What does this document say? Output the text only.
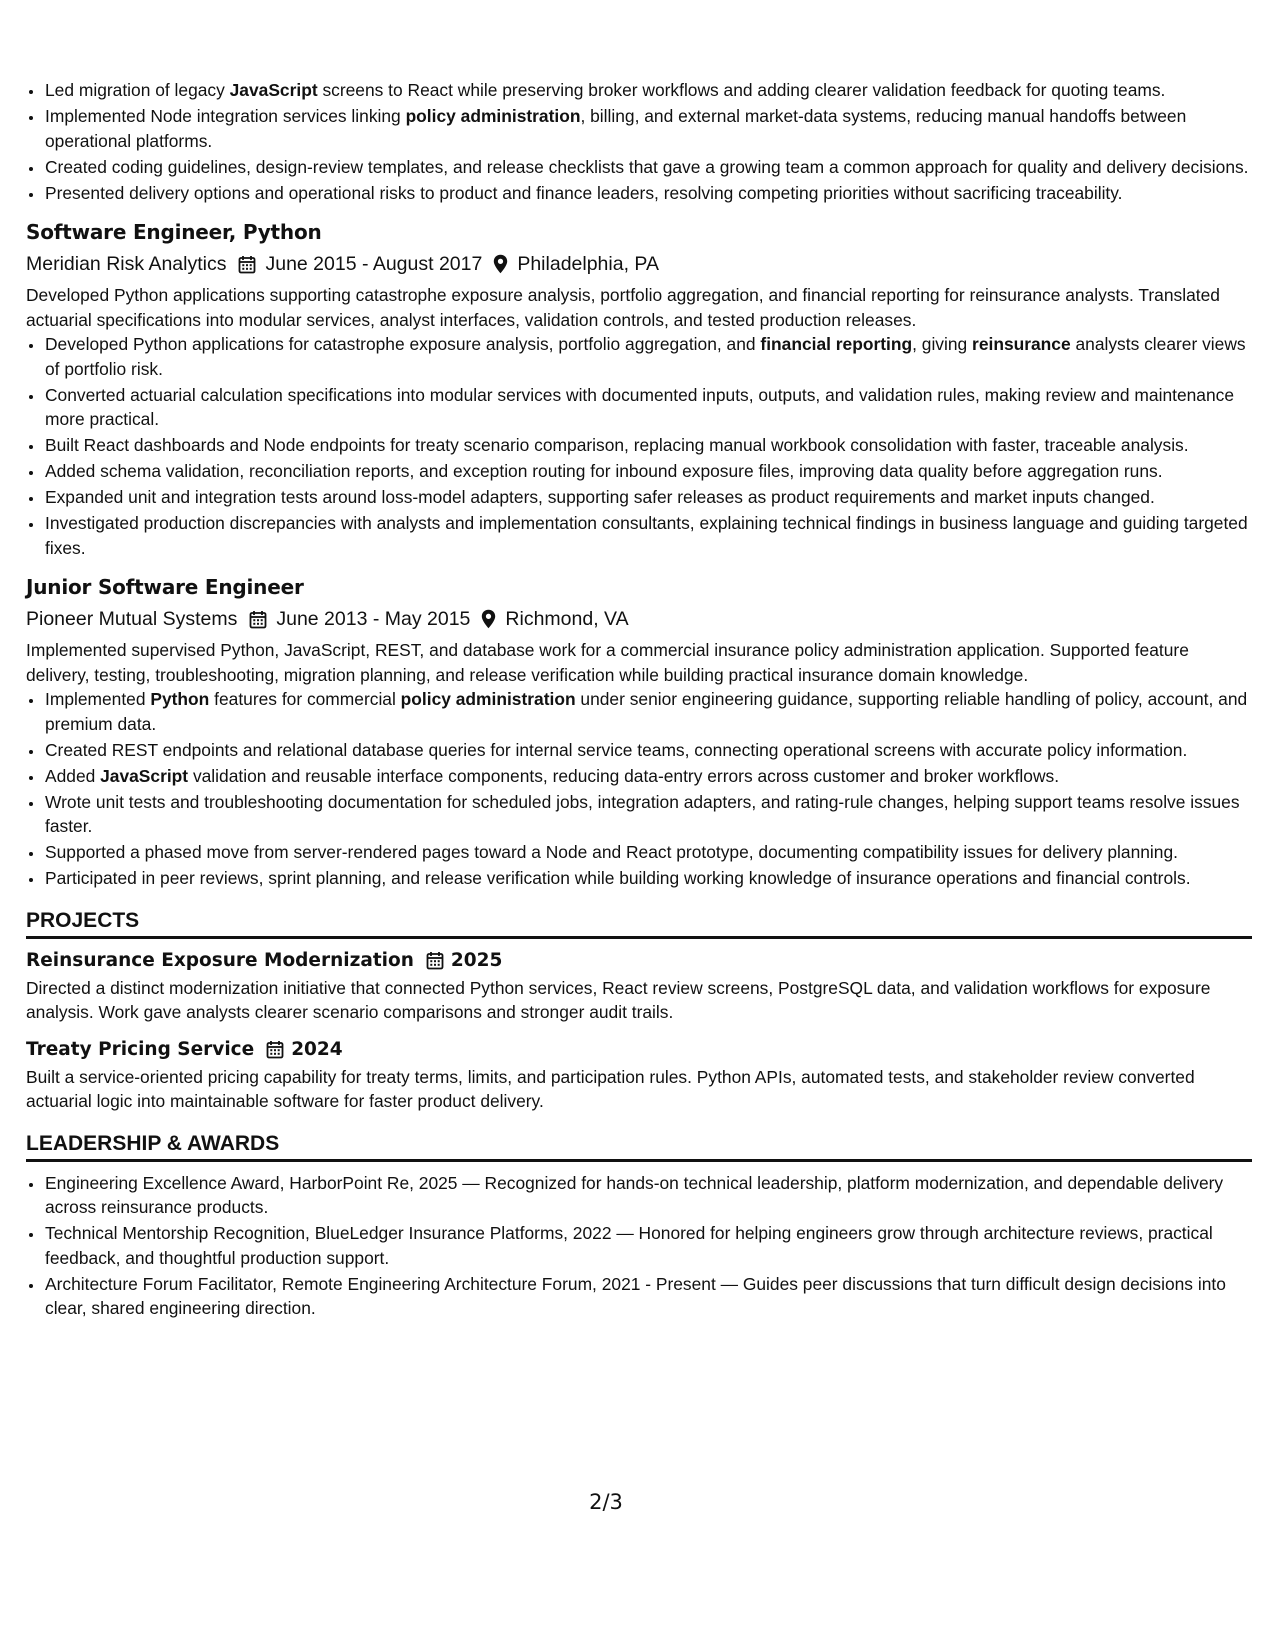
• Led migration of legacy JavaScript screens to React while preserving broker workflows and adding clearer validation feedback for quoting teams.
• Implemented Node integration services linking policy administration, billing, and external market-data systems, reducing manual handoffs between operational platforms.
• Created coding guidelines, design-review templates, and release checklists that gave a growing team a common approach for quality and delivery decisions.
• Presented delivery options and operational risks to product and finance leaders, resolving competing priorities without sacrificing traceability.
Software Engineer, Python
Meridian Risk Analytics June 2015 - August 2017 Philadelphia, PA

Developed Python applications supporting catastrophe exposure analysis, portfolio aggregation, and financial reporting for reinsurance analysts. Translated actuarial specifications into modular services, analyst interfaces, validation controls, and tested production releases.

• Developed Python applications for catastrophe exposure analysis, portfolio aggregation, and financial reporting, giving reinsurance analysts clearer views of portfolio risk.
• Converted actuarial calculation specifications into modular services with documented inputs, outputs, and validation rules, making review and maintenance more practical.
• Built React dashboards and Node endpoints for treaty scenario comparison, replacing manual workbook consolidation with faster, traceable analysis.
• Added schema validation, reconciliation reports, and exception routing for inbound exposure files, improving data quality before aggregation runs.
• Expanded unit and integration tests around loss-model adapters, supporting safer releases as product requirements and market inputs changed.
• Investigated production discrepancies with analysts and implementation consultants, explaining technical findings in business language and guiding targeted fixes.
Junior Software Engineer
Pioneer Mutual Systems June 2013 - May 2015 Richmond, VA

Implemented supervised Python, JavaScript, REST, and database work for a commercial insurance policy administration application. Supported feature delivery, testing, troubleshooting, migration planning, and release verification while building practical insurance domain knowledge.

• Implemented Python features for commercial policy administration under senior engineering guidance, supporting reliable handling of policy, account, and premium data.
• Created REST endpoints and relational database queries for internal service teams, connecting operational screens with accurate policy information.
• Added JavaScript validation and reusable interface components, reducing data-entry errors across customer and broker workflows.
• Wrote unit tests and troubleshooting documentation for scheduled jobs, integration adapters, and rating-rule changes, helping support teams resolve issues faster.
• Supported a phased move from server-rendered pages toward a Node and React prototype, documenting compatibility issues for delivery planning.
• Participated in peer reviews, sprint planning, and release verification while building working knowledge of insurance operations and financial controls.
PROJECTS
Reinsurance Exposure Modernization 2025

Directed a distinct modernization initiative that connected Python services, React review screens, PostgreSQL data, and validation workflows for exposure analysis. Work gave analysts clearer scenario comparisons and stronger audit trails.

Treaty Pricing Service 2024

Built a service-oriented pricing capability for treaty terms, limits, and participation rules. Python APIs, automated tests, and stakeholder review converted actuarial logic into maintainable software for faster product delivery.

LEADERSHIP & AWARDS
• Engineering Excellence Award, HarborPoint Re, 2025 — Recognized for hands-on technical leadership, platform modernization, and dependable delivery across reinsurance products.
• Technical Mentorship Recognition, BlueLedger Insurance Platforms, 2022 — Honored for helping engineers grow through architecture reviews, practical feedback, and thoughtful production support.
• Architecture Forum Facilitator, Remote Engineering Architecture Forum, 2021 - Present — Guides peer discussions that turn difficult design decisions into clear, shared engineering direction.
2/3
